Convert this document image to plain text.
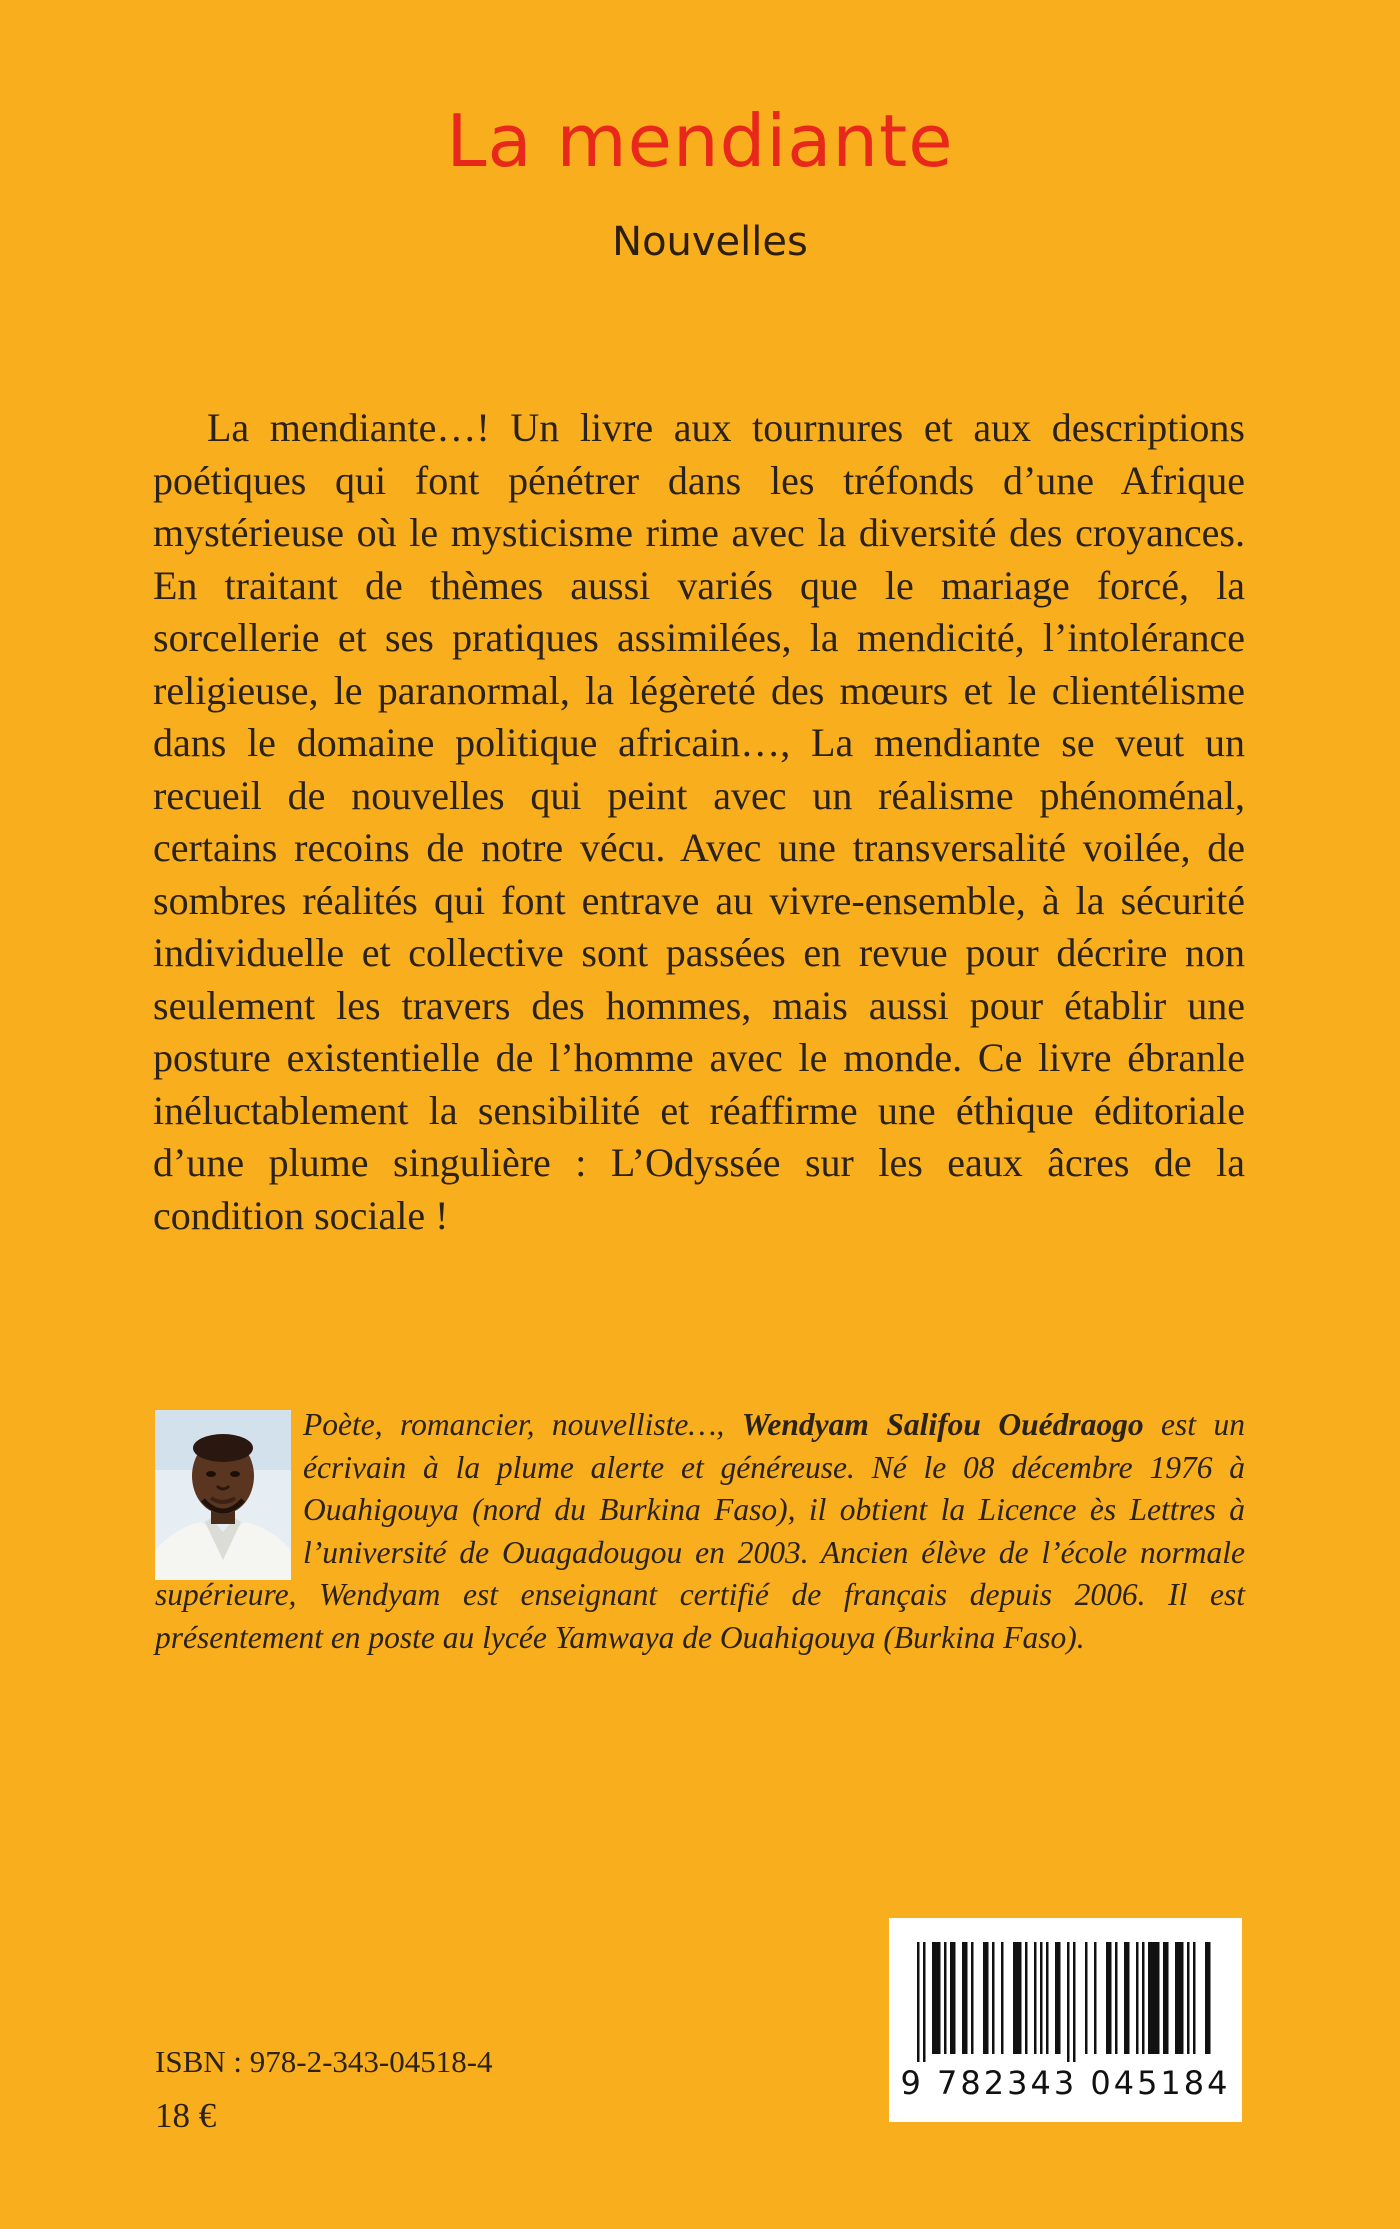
La mendiante
Nouvelles

La mendiante…! Un livre aux tournures et aux descriptions poétiques qui font pénétrer dans les tréfonds d’une Afrique mystérieuse où le mysticisme rime avec la diversité des croyances. En traitant de thèmes aussi variés que le mariage forcé, la sorcellerie et ses pratiques assimilées, la mendicité, l’intolérance religieuse, le paranormal, la légèreté des mœurs et le clientélisme dans le domaine politique africain…, La mendiante se veut un recueil de nouvelles qui peint avec un réalisme phénoménal, certains recoins de notre vécu. Avec une transversalité voilée, de sombres réalités qui font entrave au vivre-ensemble, à la sécurité individuelle et collective sont passées en revue pour décrire non seulement les travers des hommes, mais aussi pour établir une posture existentielle de l’homme avec le monde. Ce livre ébranle inéluctablement la sensibilité et réaffirme une éthique éditoriale d’une plume singulière : L’Odyssée sur les eaux âcres de la condition sociale !

Poète, romancier, nouvelliste…, Wendyam Salifou Ouédraogo est un écrivain à la plume alerte et généreuse. Né le 08 décembre 1976 à Ouahigouya (nord du Burkina Faso), il obtient la Licence ès Lettres à l’université de Ouagadougou en 2003. Ancien élève de l’école normale supérieure, Wendyam est enseignant certifié de français depuis 2006. Il est présentement en poste au lycée Yamwaya de Ouahigouya (Burkina Faso).

ISBN : 978-2-343-04518-4
18 €
9 782343 045184
